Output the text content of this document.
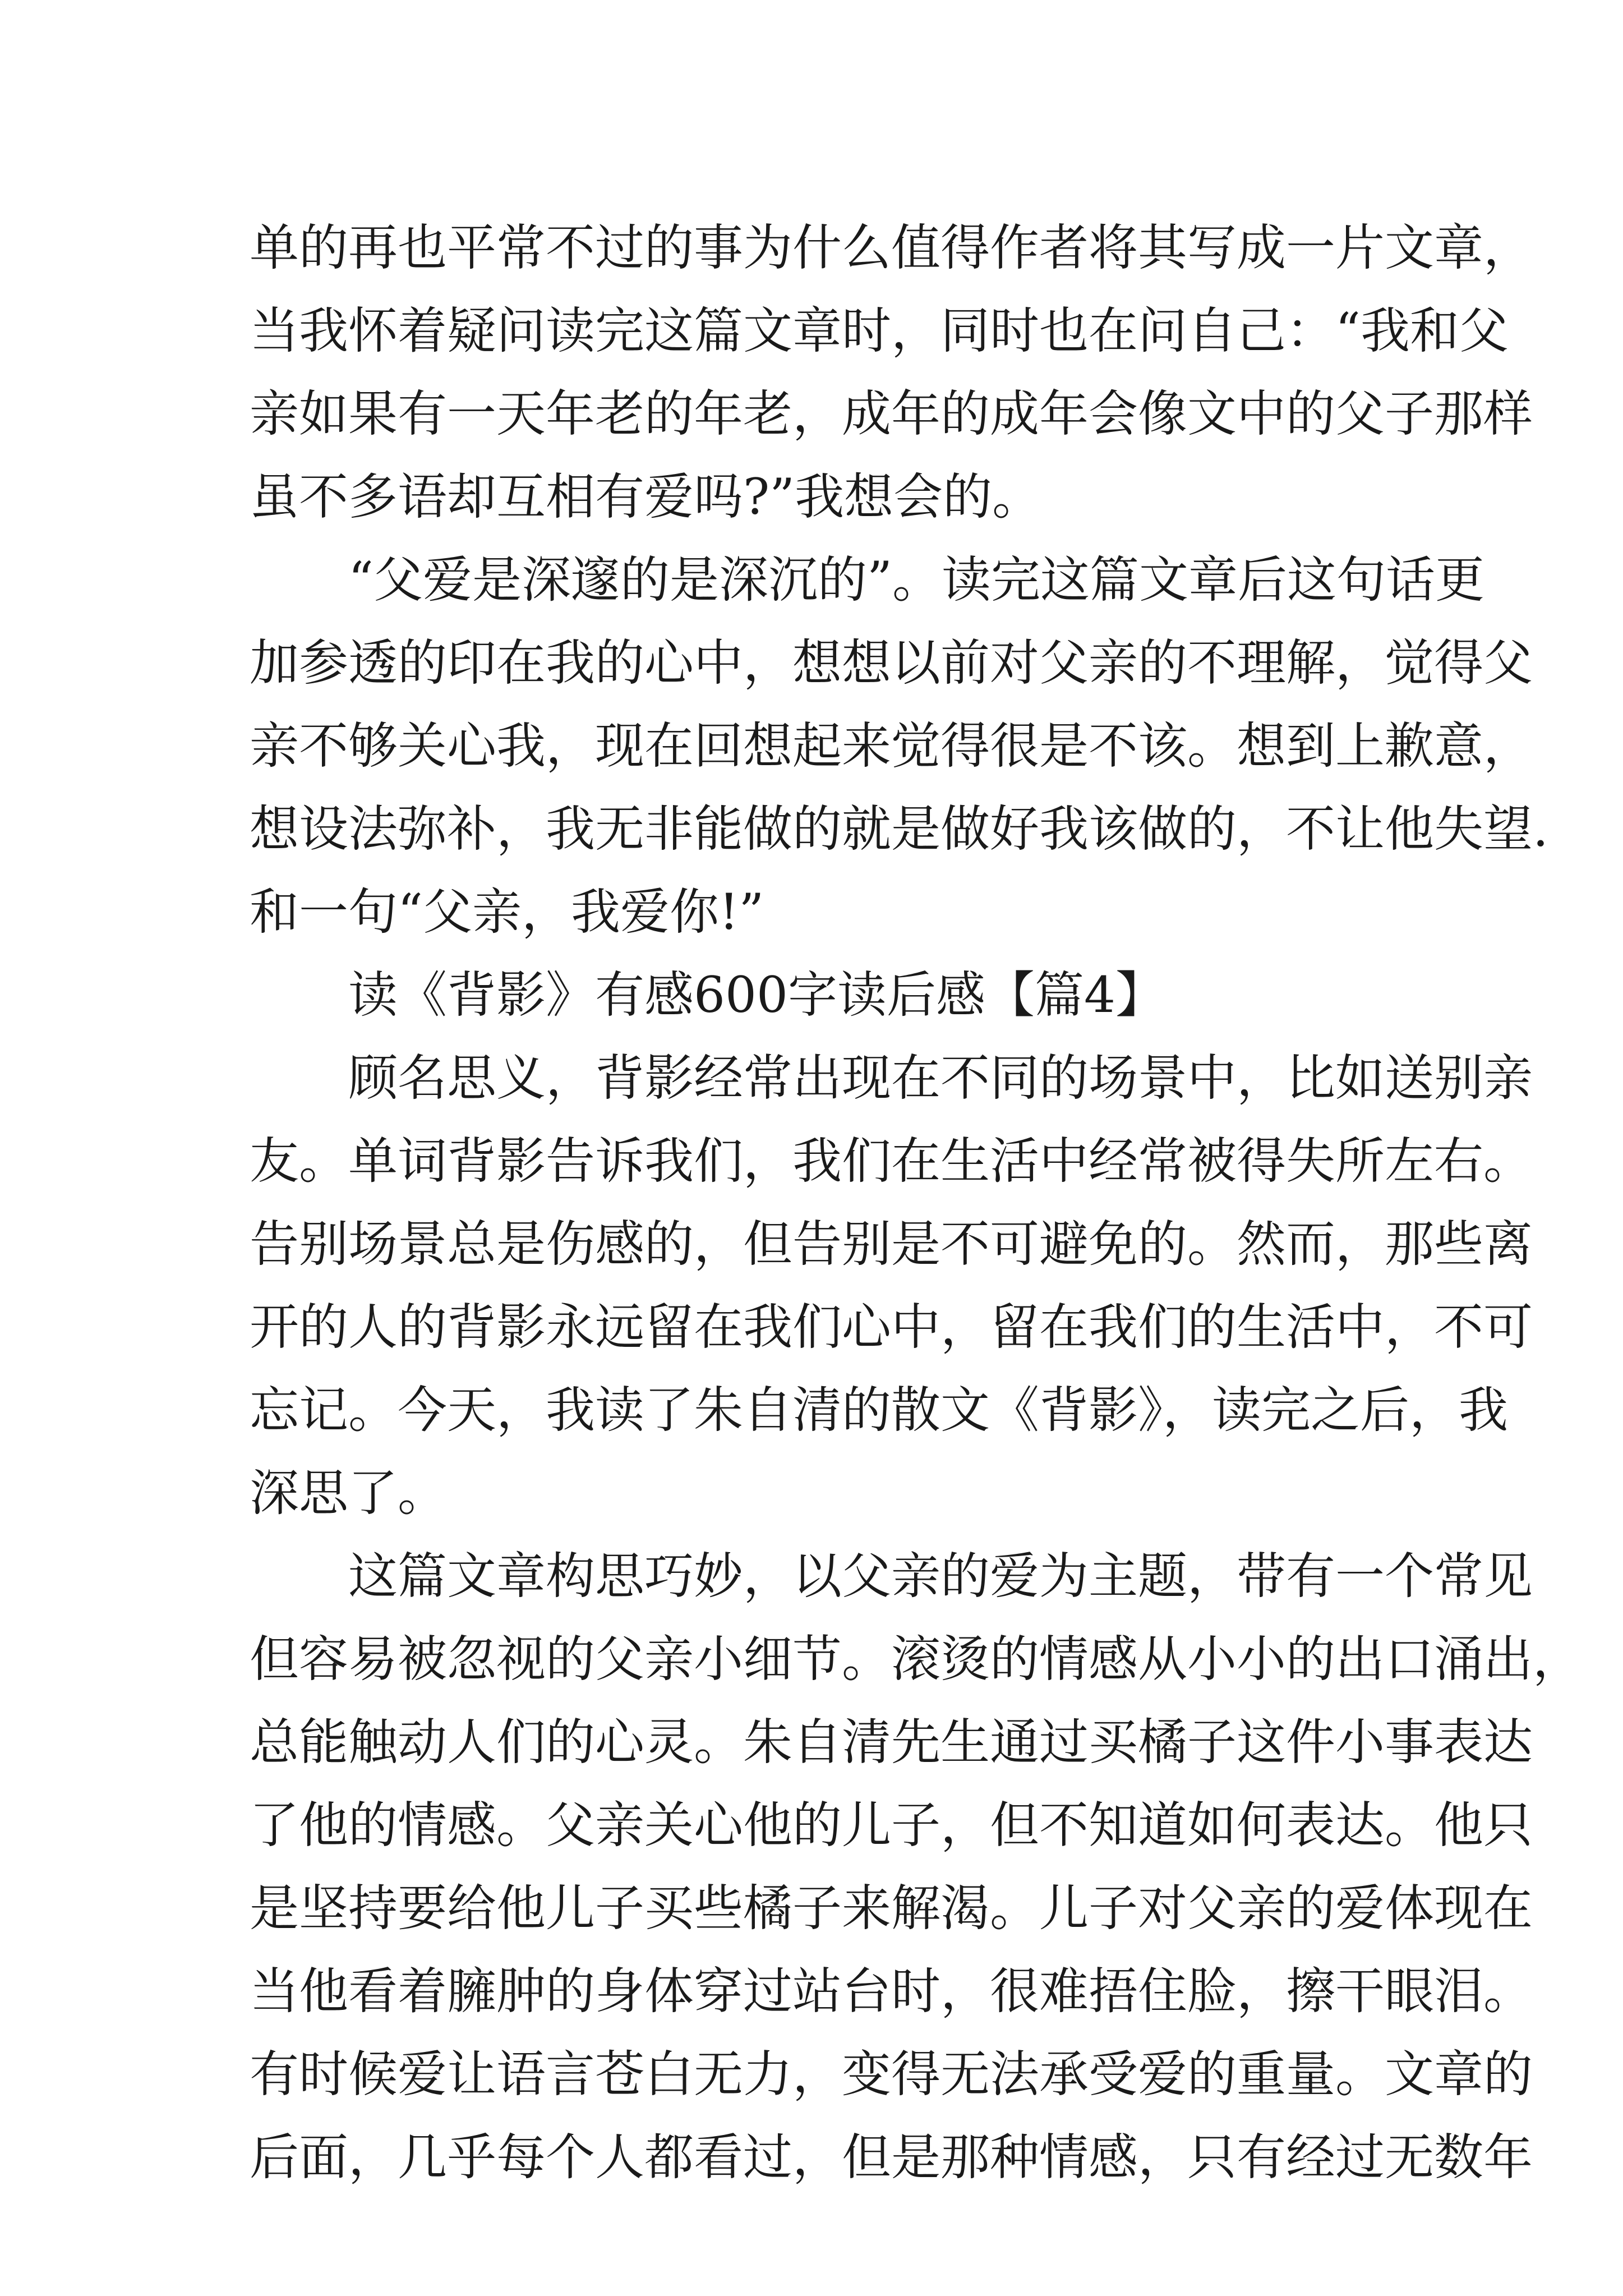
单的再也平常不过的事为什么值得作者将其写成一片文章，
当我怀着疑问读完这篇文章时，同时也在问自己：“我和父
亲如果有一天年老的年老，成年的成年会像文中的父子那样
虽不多语却互相有爱吗?”我想会的。
“父爱是深邃的是深沉的”。读完这篇文章后这句话更
加参透的印在我的心中，想想以前对父亲的不理解，觉得父
亲不够关心我，现在回想起来觉得很是不该。想到上歉意，
想设法弥补，我无非能做的就是做好我该做的，不让他失望.
和一句“父亲，我爱你!”
读《背影》有感600字读后感【篇4】
顾名思义，背影经常出现在不同的场景中，比如送别亲
友。单词背影告诉我们，我们在生活中经常被得失所左右。
告别场景总是伤感的，但告别是不可避免的。然而，那些离
开的人的背影永远留在我们心中，留在我们的生活中，不可
忘记。今天，我读了朱自清的散文《背影》，读完之后，我
深思了。
这篇文章构思巧妙，以父亲的爱为主题，带有一个常见
但容易被忽视的父亲小细节。滚烫的情感从小小的出口涌出，
总能触动人们的心灵。朱自清先生通过买橘子这件小事表达
了他的情感。父亲关心他的儿子，但不知道如何表达。他只
是坚持要给他儿子买些橘子来解渴。儿子对父亲的爱体现在
当他看着臃肿的身体穿过站台时，很难捂住脸，擦干眼泪。
有时候爱让语言苍白无力，变得无法承受爱的重量。文章的
后面，几乎每个人都看过，但是那种情感，只有经过无数年
